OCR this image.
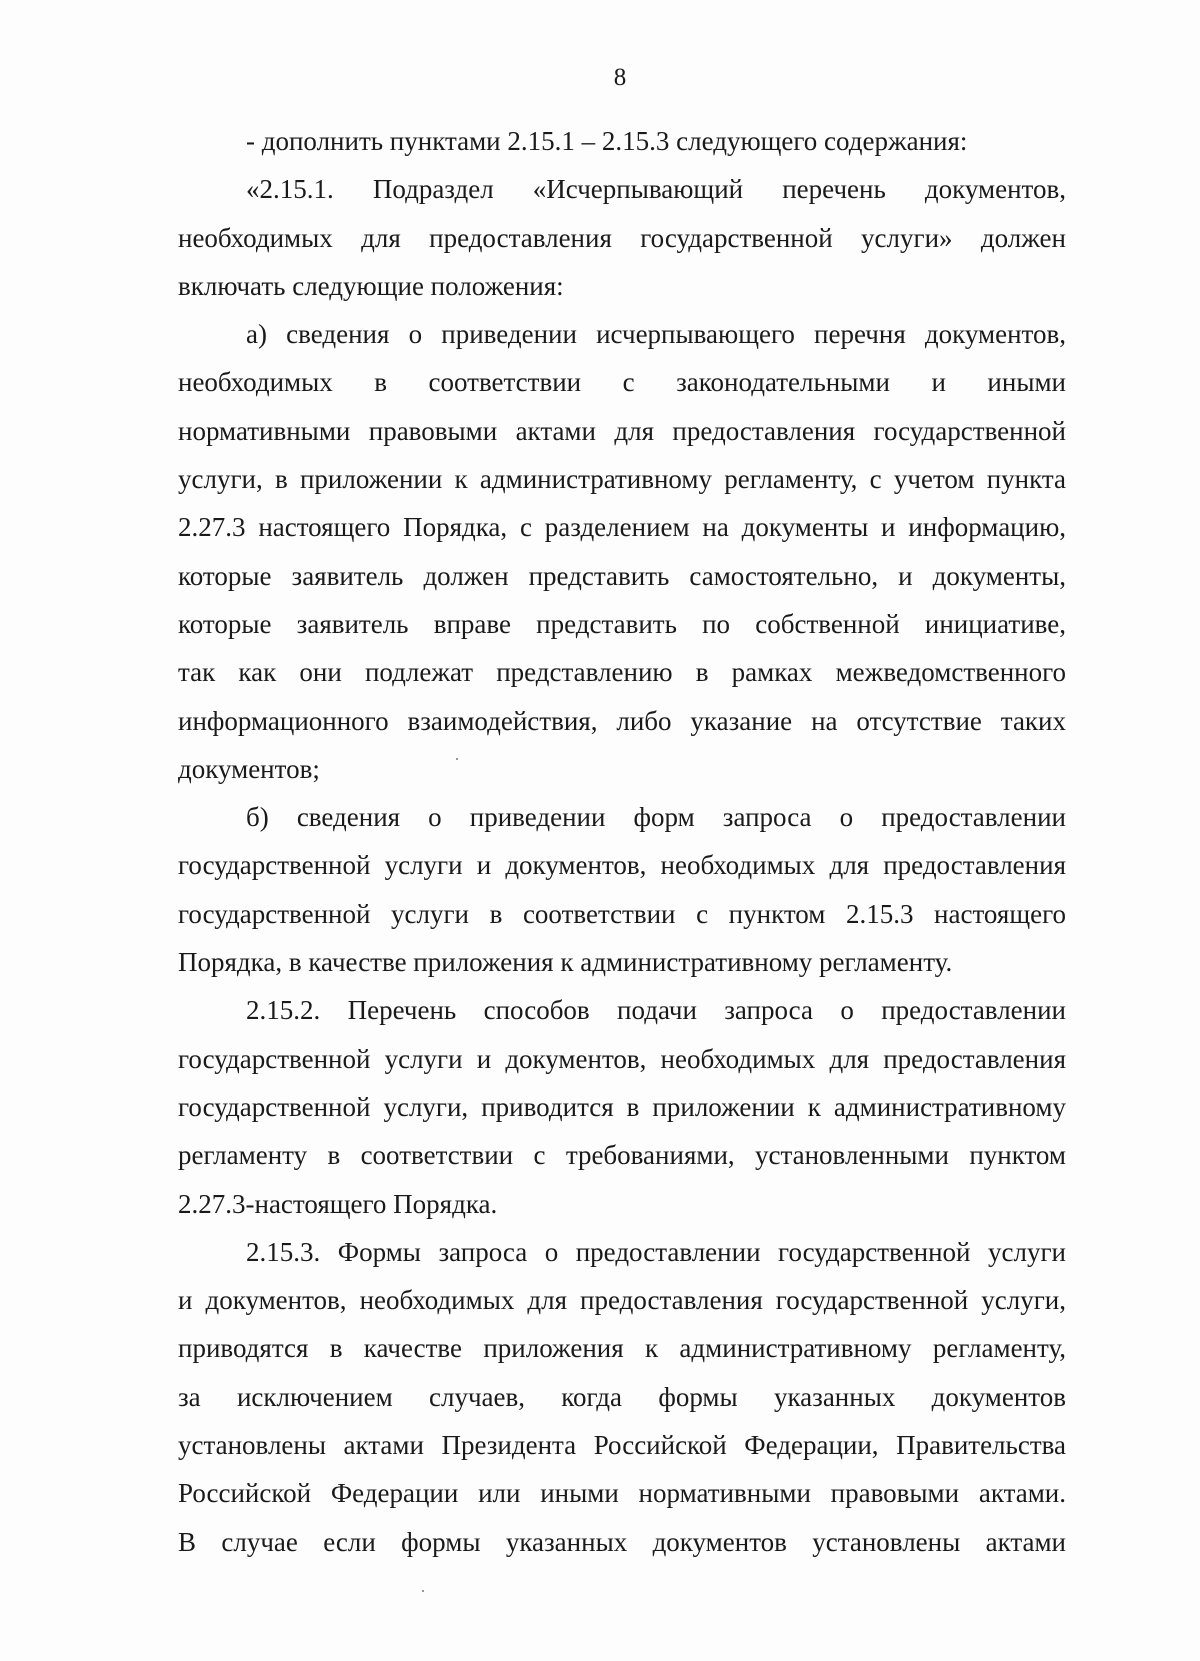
8
- дополнить пунктами 2.15.1 – 2.15.3 следующего содержания:
«2.15.1. Подраздел «Исчерпывающий перечень документов,
необходимых для предоставления государственной услуги» должен
включать следующие положения:
а) сведения о приведении исчерпывающего перечня документов,
необходимых в соответствии с законодательными и иными
нормативными правовыми актами для предоставления государственной
услуги, в приложении к административному регламенту, с учетом пункта
2.27.3 настоящего Порядка, с разделением на документы и информацию,
которые заявитель должен представить самостоятельно, и документы,
которые заявитель вправе представить по собственной инициативе,
так как они подлежат представлению в рамках межведомственного
информационного взаимодействия, либо указание на отсутствие таких
документов;
б) сведения о приведении форм запроса о предоставлении
государственной услуги и документов, необходимых для предоставления
государственной услуги в соответствии с пунктом 2.15.3 настоящего
Порядка, в качестве приложения к административному регламенту.
2.15.2. Перечень способов подачи запроса о предоставлении
государственной услуги и документов, необходимых для предоставления
государственной услуги, приводится в приложении к административному
регламенту в соответствии с требованиями, установленными пунктом
2.27.3-настоящего Порядка.
2.15.3. Формы запроса о предоставлении государственной услуги
и документов, необходимых для предоставления государственной услуги,
приводятся в качестве приложения к административному регламенту,
за исключением случаев, когда формы указанных документов
установлены актами Президента Российской Федерации, Правительства
Российской Федерации или иными нормативными правовыми актами.
В случае если формы указанных документов установлены актами
